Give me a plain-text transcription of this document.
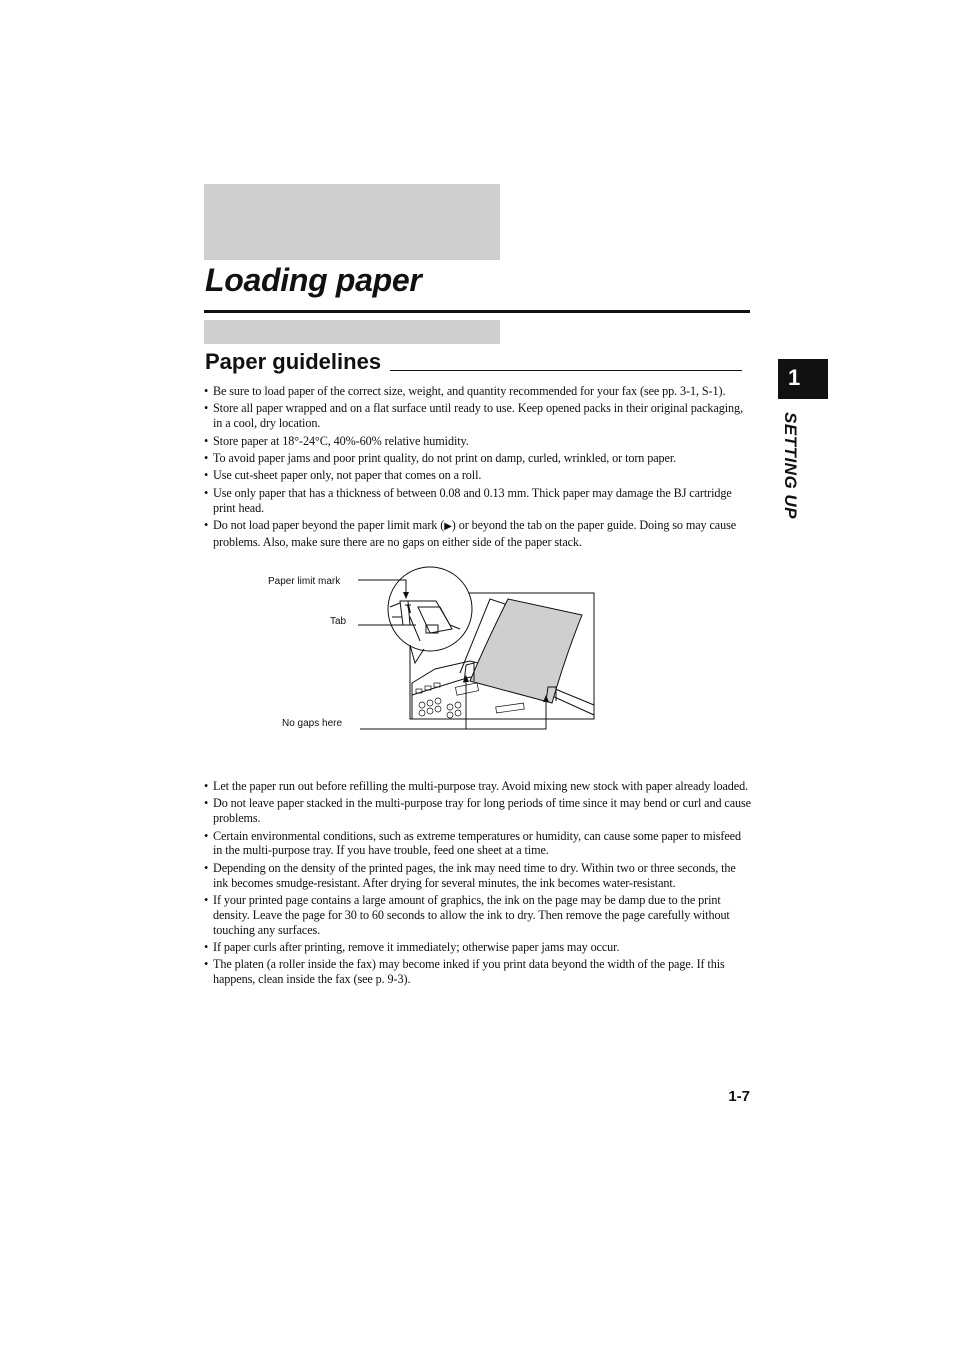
Loading paper
Paper guidelines
• Be sure to load paper of the correct size, weight, and quantity recommended for your fax (see pp. 3-1, S-1).
• Store all paper wrapped and on a flat surface until ready to use. Keep opened packs in their original packaging, in a cool, dry location.
• Store paper at 18°-24°C, 40%-60% relative humidity.
• To avoid paper jams and poor print quality, do not print on damp, curled, wrinkled, or torn paper.
• Use cut-sheet paper only, not paper that comes on a roll.
• Use only paper that has a thickness of between 0.08 and 0.13 mm. Thick paper may damage the BJ cartridge print head.
• Do not load paper beyond the paper limit mark (▶) or beyond the tab on the paper guide. Doing so may cause problems. Also, make sure there are no gaps on either side of the paper stack.
Paper limit mark
Tab
No gaps here
• Let the paper run out before refilling the multi-purpose tray. Avoid mixing new stock with paper already loaded.
• Do not leave paper stacked in the multi-purpose tray for long periods of time since it may bend or curl and cause problems.
• Certain environmental conditions, such as extreme temperatures or humidity, can cause some paper to misfeed in the multi-purpose tray. If you have trouble, feed one sheet at a time.
• Depending on the density of the printed pages, the ink may need time to dry. Within two or three seconds, the ink becomes smudge-resistant. After drying for several minutes, the ink becomes water-resistant.
• If your printed page contains a large amount of graphics, the ink on the page may be damp due to the print density. Leave the page for 30 to 60 seconds to allow the ink to dry. Then remove the page carefully without touching any surfaces.
• If paper curls after printing, remove it immediately; otherwise paper jams may occur.
• The platen (a roller inside the fax) may become inked if you print data beyond the width of the page. If this happens, clean inside the fax (see p. 9-3).
1
SETTING UP
1-7
